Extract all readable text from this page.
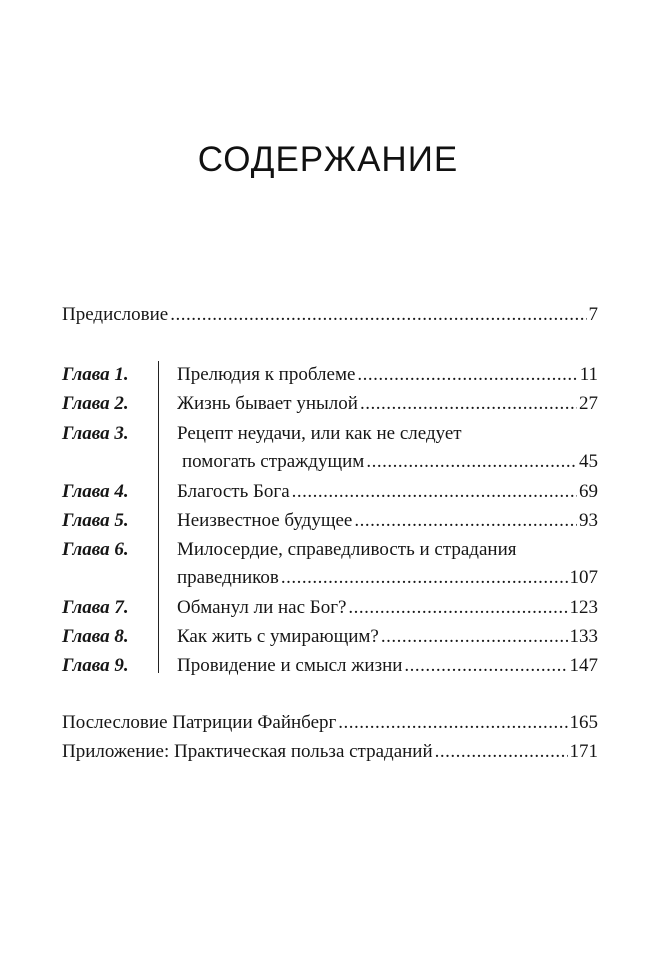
СОДЕРЖАНИЕ
Предисловие .....	7
Глава 1.	Прелюдия к проблеме .....	11
Глава 2.	Жизнь бывает унылой .....	27
Глава 3.	Рецепт неудачи, или как не следует
помогать страждущим .....	45
Глава 4.	Благость Бога .....	69
Глава 5.	Неизвестное будущее .....	93
Глава 6.	Милосердие, справедливость и страдания
праведников .....	107
Глава 7.	Обманул ли нас Бог? .....	123
Глава 8.	Как жить с умирающим? .....	133
Глава 9.	Провидение и смысл жизни .....	147
Послесловие Патриции Файнберг .....	165
Приложение: Практическая польза страданий .....	171
